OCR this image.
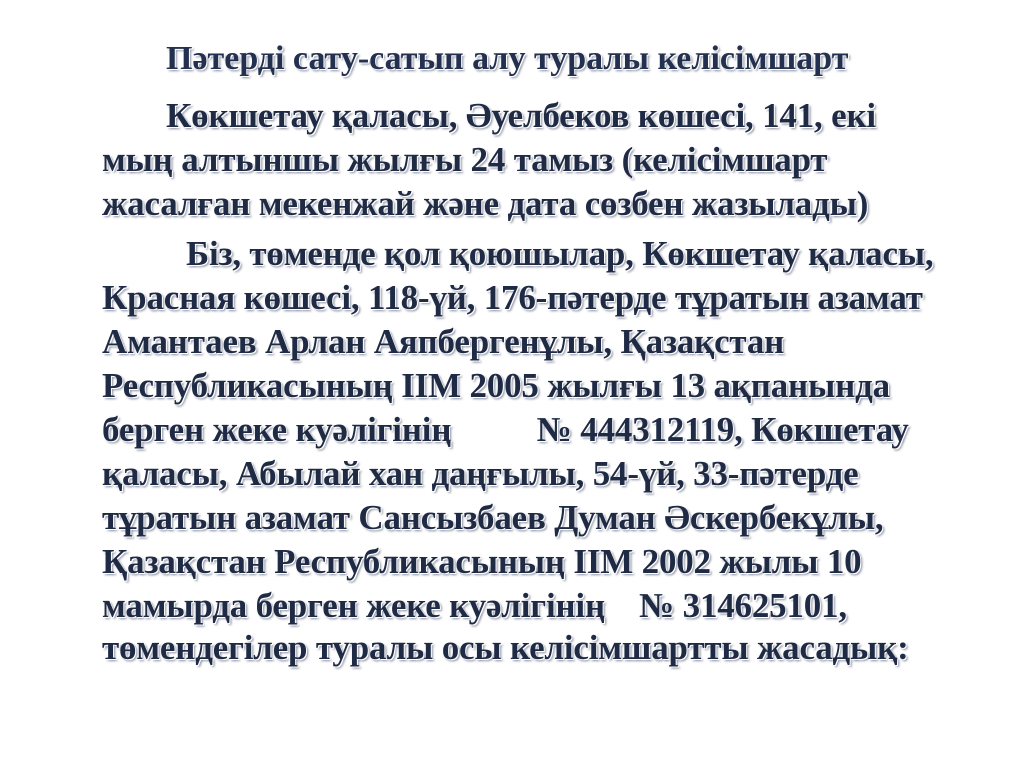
Пәтерді сату-сатып алу туралы келісімшарт
Көкшетау қаласы, Әуелбеков көшесі, 141, екі
мың алтыншы жылғы 24 тамыз (келісімшарт
жасалған мекенжай және дата сөзбен жазылады)
Біз, төменде қол қоюшылар, Көкшетау қаласы,
Красная көшесі, 118-үй, 176-пәтерде тұратын азамат
Амантаев Арлан Аяпбергенұлы, Қазақстан
Республикасының ІІМ 2005 жылғы 13 ақпанында
берген жеке куәлігінің          № 444312119, Көкшетау
қаласы, Абылай хан даңғылы, 54-үй, 33-пәтерде
тұратын азамат Сансызбаев Думан Әскербекұлы,
Қазақстан Республикасының ІІМ 2002 жылы 10
мамырда берген жеке куәлігінің    № 314625101,
төмендегілер туралы осы келісімшартты жасадық:
